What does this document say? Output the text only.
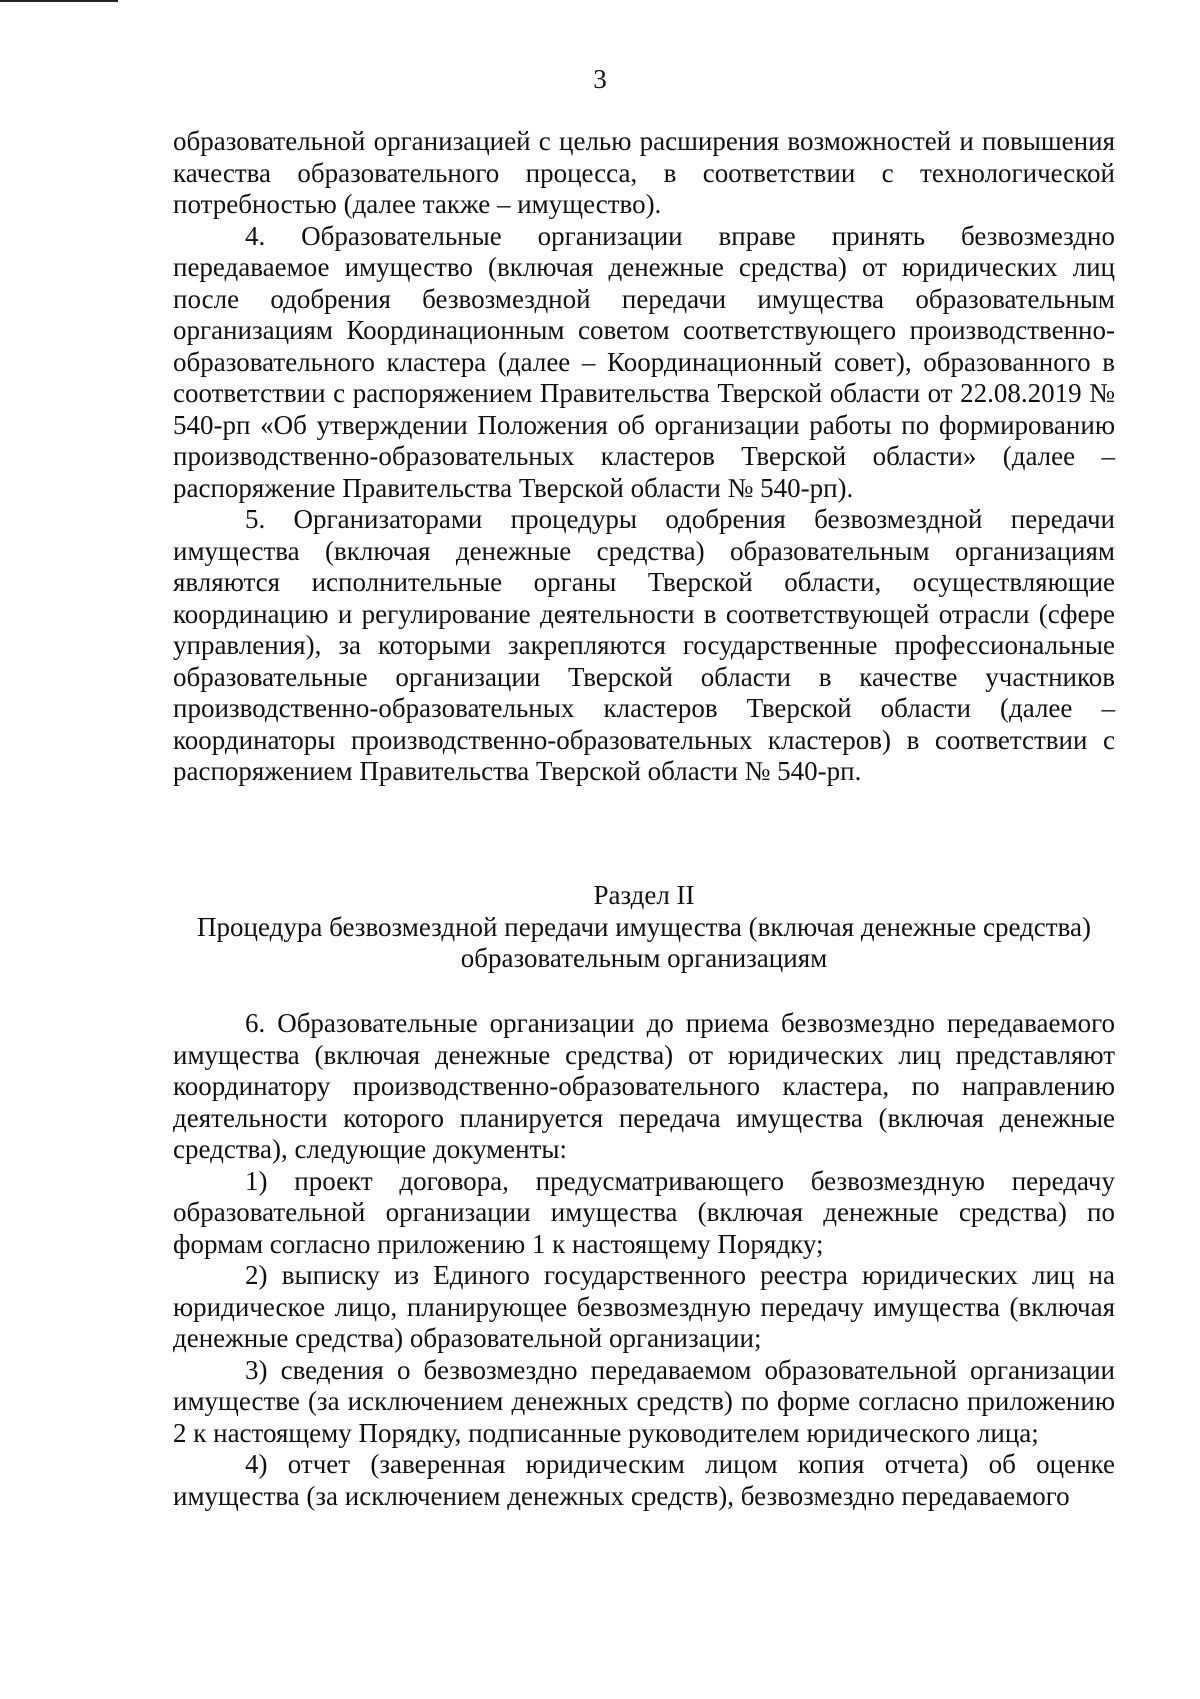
3

образовательной организацией с целью расширения возможностей и повышения качества образовательного процесса, в соответствии с технологической потребностью (далее также – имущество).

4. Образовательные организации вправе принять безвозмездно передаваемое имущество (включая денежные средства) от юридических лиц после одобрения безвозмездной передачи имущества образовательным организациям Координационным советом соответствующего производственно-образовательного кластера (далее – Координационный совет), образованного в соответствии с распоряжением Правительства Тверской области от 22.08.2019 № 540-рп «Об утверждении Положения об организации работы по формированию производственно-образовательных кластеров Тверской области» (далее – распоряжение Правительства Тверской области № 540-рп).

5. Организаторами процедуры одобрения безвозмездной передачи имущества (включая денежные средства) образовательным организациям являются исполнительные органы Тверской области, осуществляющие координацию и регулирование деятельности в соответствующей отрасли (сфере управления), за которыми закрепляются государственные профессиональные образовательные организации Тверской области в качестве участников производственно-образовательных кластеров Тверской области (далее – координаторы производственно-образовательных кластеров) в соответствии с распоряжением Правительства Тверской области № 540-рп.

Раздел II

Процедура безвозмездной передачи имущества (включая денежные средства) образовательным организациям

6. Образовательные организации до приема безвозмездно передаваемого имущества (включая денежные средства) от юридических лиц представляют координатору производственно-образовательного кластера, по направлению деятельности которого планируется передача имущества (включая денежные средства), следующие документы:

1) проект договора, предусматривающего безвозмездную передачу образовательной организации имущества (включая денежные средства) по формам согласно приложению 1 к настоящему Порядку;

2) выписку из Единого государственного реестра юридических лиц на юридическое лицо, планирующее безвозмездную передачу имущества (включая денежные средства) образовательной организации;

3) сведения о безвозмездно передаваемом образовательной организации имуществе (за исключением денежных средств) по форме согласно приложению 2 к настоящему Порядку, подписанные руководителем юридического лица;

4) отчет (заверенная юридическим лицом копия отчета) об оценке имущества (за исключением денежных средств), безвозмездно передаваемого
